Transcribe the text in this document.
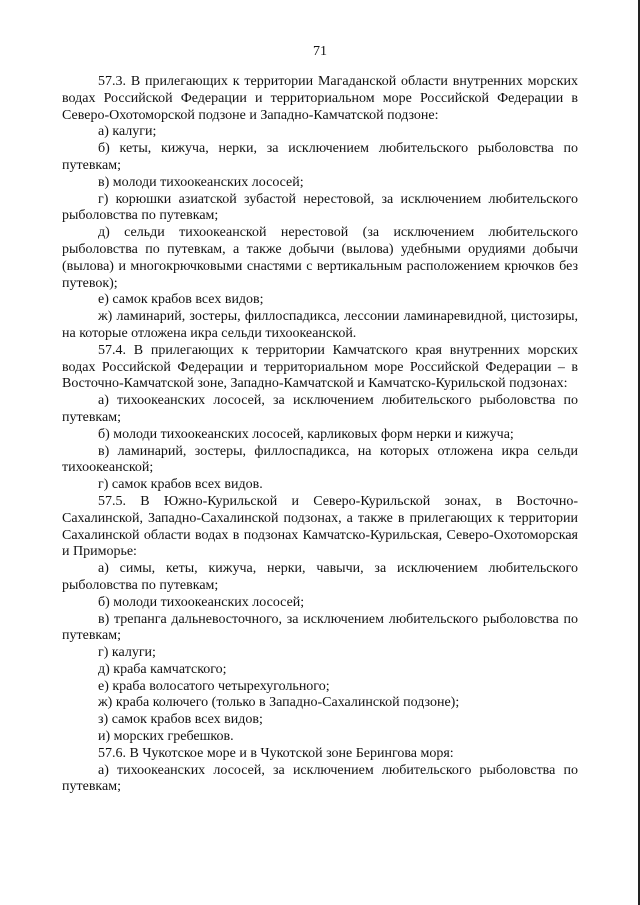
71

57.3. В прилегающих к территории Магаданской области внутренних морских водах Российской Федерации и территориальном море Российской Федерации в Северо-Охотоморской подзоне и Западно-Камчатской подзоне:

а) калуги;

б) кеты, кижуча, нерки, за исключением любительского рыболовства по путевкам;

в) молоди тихоокеанских лососей;

г) корюшки азиатской зубастой нерестовой, за исключением любительского рыболовства по путевкам;

д) сельди тихоокеанской нерестовой (за исключением любительского рыболовства по путевкам, а также добычи (вылова) удебными орудиями добычи (вылова) и многокрючковыми снастями с вертикальным расположением крючков без путевок);

е) самок крабов всех видов;

ж) ламинарий, зостеры, филлоспадикса, лессонии ламинаревидной, цистозиры, на которые отложена икра сельди тихоокеанской.

57.4. В прилегающих к территории Камчатского края внутренних морских водах Российской Федерации и территориальном море Российской Федерации – в Восточно-Камчатской зоне, Западно-Камчатской и Камчатско-Курильской подзонах:

а) тихоокеанских лососей, за исключением любительского рыболовства по путевкам;

б) молоди тихоокеанских лососей, карликовых форм нерки и кижуча;

в) ламинарий, зостеры, филлоспадикса, на которых отложена икра сельди тихоокеанской;

г) самок крабов всех видов.

57.5. В Южно-Курильской и Северо-Курильской зонах, в Восточно-Сахалинской, Западно-Сахалинской подзонах, а также в прилегающих к территории Сахалинской области водах в подзонах Камчатско-Курильская, Северо-Охотоморская и Приморье:

а) симы, кеты, кижуча, нерки, чавычи, за исключением любительского рыболовства по путевкам;

б) молоди тихоокеанских лососей;

в) трепанга дальневосточного, за исключением любительского рыболовства по путевкам;

г) калуги;

д) краба камчатского;

е) краба волосатого четырехугольного;

ж) краба колючего (только в Западно-Сахалинской подзоне);

з) самок крабов всех видов;

и) морских гребешков.

57.6. В Чукотское море и в Чукотской зоне Берингова моря:

а) тихоокеанских лососей, за исключением любительского рыболовства по путевкам;
